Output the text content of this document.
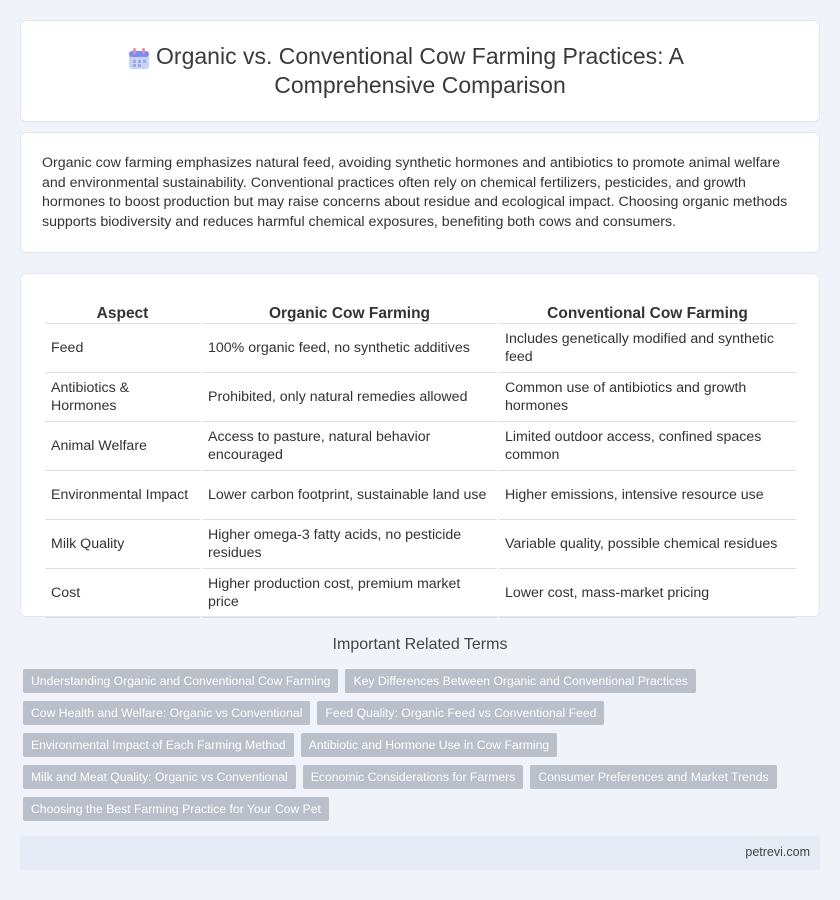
Organic vs. Conventional Cow Farming Practices: A Comprehensive Comparison

Organic cow farming emphasizes natural feed, avoiding synthetic hormones and antibiotics to promote animal welfare and environmental sustainability. Conventional practices often rely on chemical fertilizers, pesticides, and growth hormones to boost production but may raise concerns about residue and ecological impact. Choosing organic methods supports biodiversity and reduces harmful chemical exposures, benefiting both cows and consumers.

Aspect	Organic Cow Farming	Conventional Cow Farming
Feed	100% organic feed, no synthetic additives	Includes genetically modified and synthetic feed
Antibiotics & Hormones	Prohibited, only natural remedies allowed	Common use of antibiotics and growth hormones
Animal Welfare	Access to pasture, natural behavior encouraged	Limited outdoor access, confined spaces common
Environmental Impact	Lower carbon footprint, sustainable land use	Higher emissions, intensive resource use
Milk Quality	Higher omega-3 fatty acids, no pesticide residues	Variable quality, possible chemical residues
Cost	Higher production cost, premium market price	Lower cost, mass-market pricing
Important Related Terms
Understanding Organic and Conventional Cow Farming	Key Differences Between Organic and Conventional Practices
Cow Health and Welfare: Organic vs Conventional	Feed Quality: Organic Feed vs Conventional Feed
Environmental Impact of Each Farming Method	Antibiotic and Hormone Use in Cow Farming
Milk and Meat Quality: Organic vs Conventional	Economic Considerations for Farmers	Consumer Preferences and Market Trends
Choosing the Best Farming Practice for Your Cow Pet
petrevi.com
